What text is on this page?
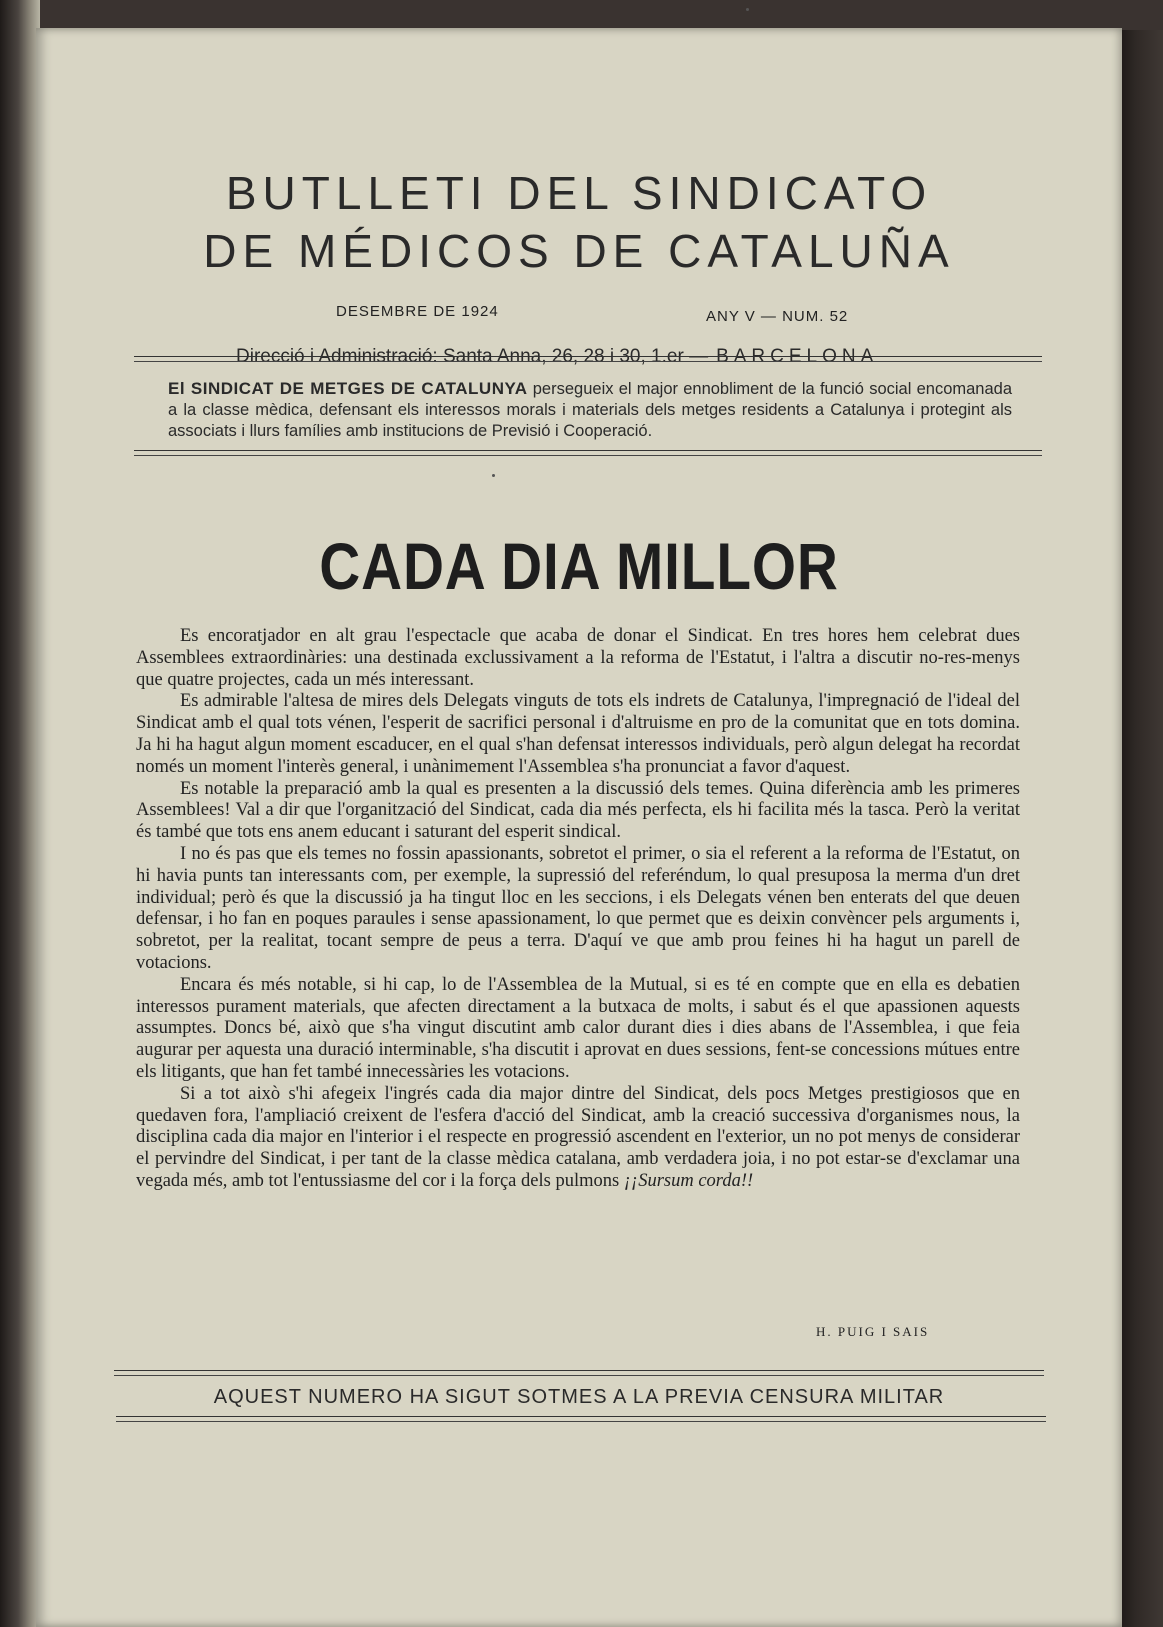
BUTLLETI DEL SINDICATO
DE MÉDICOS DE CATALUÑA
DESEMBRE DE 1924	ANY V — NUM. 52
Direcció i Administració: Santa Anna, 26, 28 i 30, 1.er — BARCELONA
El SINDICAT DE METGES DE CATALUNYA persegueix el major ennobliment de la funció social encomanada a la classe mèdica, defensant els interessos morals i materials dels metges residents a Catalunya i protegint als associats i llurs famílies amb institucions de Previsió i Cooperació.
CADA DIA MILLOR

Es encoratjador en alt grau l'espectacle que acaba de donar el Sindicat. En tres hores hem celebrat dues Assemblees extraordinàries: una destinada exclussivament a la reforma de l'Estatut, i l'altra a discutir no-res-menys que quatre projectes, cada un més interessant.

Es admirable l'altesa de mires dels Delegats vinguts de tots els indrets de Catalunya, l'impregnació de l'ideal del Sindicat amb el qual tots vénen, l'esperit de sacrifici personal i d'altruisme en pro de la comunitat que en tots domina. Ja hi ha hagut algun moment escaducer, en el qual s'han defensat interessos individuals, però algun delegat ha recordat només un moment l'interès general, i unànimement l'Assemblea s'ha pronunciat a favor d'aquest.

Es notable la preparació amb la qual es presenten a la discussió dels temes. Quina diferència amb les primeres Assemblees! Val a dir que l'organització del Sindicat, cada dia més perfecta, els hi facilita més la tasca. Però la veritat és també que tots ens anem educant i saturant del esperit sindical.

I no és pas que els temes no fossin apassionants, sobretot el primer, o sia el referent a la reforma de l'Estatut, on hi havia punts tan interessants com, per exemple, la supressió del referéndum, lo qual presuposa la merma d'un dret individual; però és que la discussió ja ha tingut lloc en les seccions, i els Delegats vénen ben enterats del que deuen defensar, i ho fan en poques paraules i sense apassionament, lo que permet que es deixin convèncer pels arguments i, sobretot, per la realitat, tocant sempre de peus a terra. D'aquí ve que amb prou feines hi ha hagut un parell de votacions.

Encara és més notable, si hi cap, lo de l'Assemblea de la Mutual, si es té en compte que en ella es debatien interessos purament materials, que afecten directament a la butxaca de molts, i sabut és el que apassionen aquests assumptes. Doncs bé, això que s'ha vingut discutint amb calor durant dies i dies abans de l'Assemblea, i que feia augurar per aquesta una duració interminable, s'ha discutit i aprovat en dues sessions, fent-se concessions mútues entre els litigants, que han fet també innecessàries les votacions.

Si a tot això s'hi afegeix l'ingrés cada dia major dintre del Sindicat, dels pocs Metges prestigiosos que en quedaven fora, l'ampliació creixent de l'esfera d'acció del Sindicat, amb la creació successiva d'organismes nous, la disciplina cada dia major en l'interior i el respecte en progressió ascendent en l'exterior, un no pot menys de considerar el pervindre del Sindicat, i per tant de la classe mèdica catalana, amb verdadera joia, i no pot estar-se d'exclamar una vegada més, amb tot l'entussiasme del cor i la força dels pulmons ¡¡Sursum corda!!

H. PUIG I SAIS
AQUEST NUMERO HA SIGUT SOTMES A LA PREVIA CENSURA MILITAR
